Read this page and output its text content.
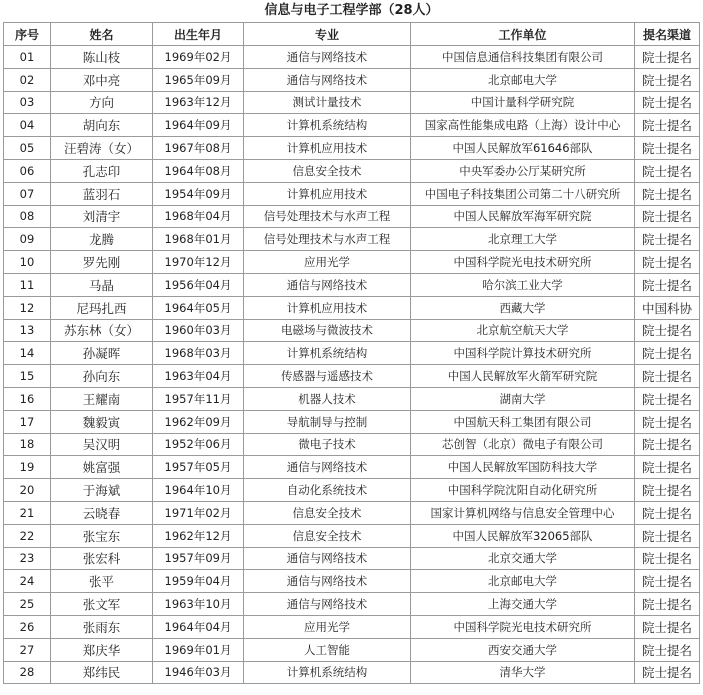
信息与电子工程学部（28人）
序号	姓名	出生年月	专业	工作单位	提名渠道
01	陈山枝	1969年02月	通信与网络技术	中国信息通信科技集团有限公司	院士提名
02	邓中亮	1965年09月	通信与网络技术	北京邮电大学	院士提名
03	方向	1963年12月	测试计量技术	中国计量科学研究院	院士提名
04	胡向东	1964年09月	计算机系统结构	国家高性能集成电路（上海）设计中心	院士提名
05	汪碧涛（女）	1967年08月	计算机应用技术	中国人民解放军61646部队	院士提名
06	孔志印	1964年08月	信息安全技术	中央军委办公厅某研究所	院士提名
07	蓝羽石	1954年09月	计算机应用技术	中国电子科技集团公司第二十八研究所	院士提名
08	刘清宇	1968年04月	信号处理技术与水声工程	中国人民解放军海军研究院	院士提名
09	龙腾	1968年01月	信号处理技术与水声工程	北京理工大学	院士提名
10	罗先刚	1970年12月	应用光学	中国科学院光电技术研究所	院士提名
11	马晶	1956年04月	通信与网络技术	哈尔滨工业大学	院士提名
12	尼玛扎西	1964年05月	计算机应用技术	西藏大学	中国科协
13	苏东林（女）	1960年03月	电磁场与微波技术	北京航空航天大学	院士提名
14	孙凝晖	1968年03月	计算机系统结构	中国科学院计算技术研究所	院士提名
15	孙向东	1963年04月	传感器与遥感技术	中国人民解放军火箭军研究院	院士提名
16	王耀南	1957年11月	机器人技术	湖南大学	院士提名
17	魏毅寅	1962年09月	导航制导与控制	中国航天科工集团有限公司	院士提名
18	吴汉明	1952年06月	微电子技术	芯创智（北京）微电子有限公司	院士提名
19	姚富强	1957年05月	通信与网络技术	中国人民解放军国防科技大学	院士提名
20	于海斌	1964年10月	自动化系统技术	中国科学院沈阳自动化研究所	院士提名
21	云晓春	1971年02月	信息安全技术	国家计算机网络与信息安全管理中心	院士提名
22	张宝东	1962年12月	信息安全技术	中国人民解放军32065部队	院士提名
23	张宏科	1957年09月	通信与网络技术	北京交通大学	院士提名
24	张平	1959年04月	通信与网络技术	北京邮电大学	院士提名
25	张文军	1963年10月	通信与网络技术	上海交通大学	院士提名
26	张雨东	1964年04月	应用光学	中国科学院光电技术研究所	院士提名
27	郑庆华	1969年01月	人工智能	西安交通大学	院士提名
28	郑纬民	1946年03月	计算机系统结构	清华大学	院士提名
